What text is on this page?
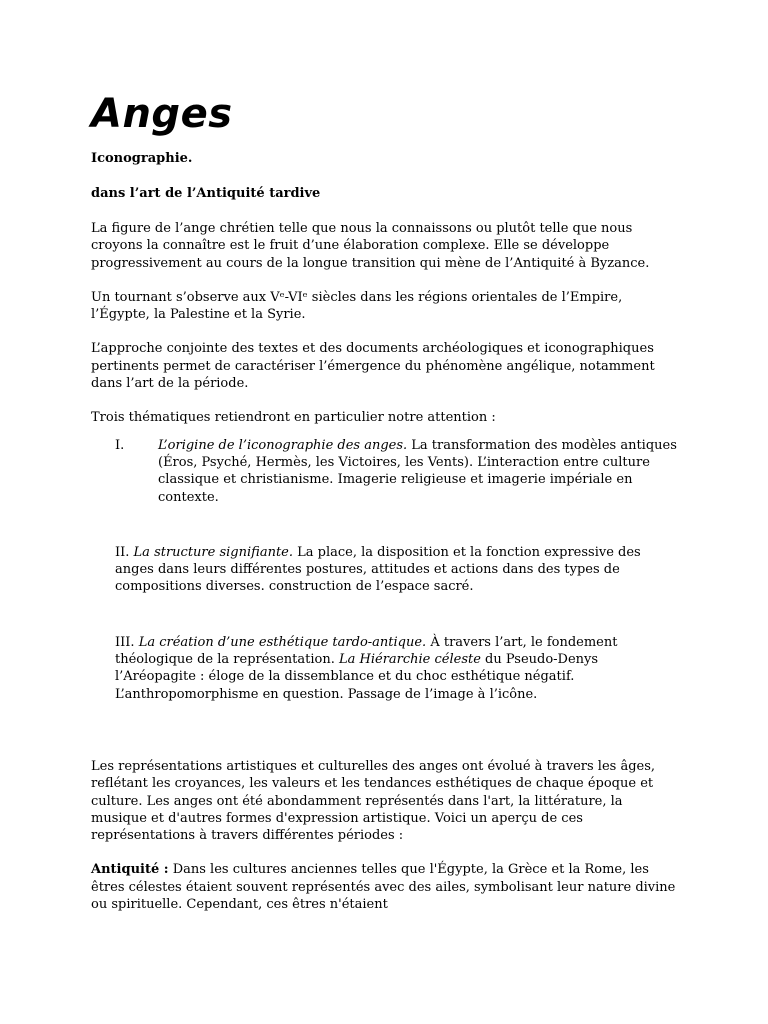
Anges
Iconographie.
dans l’art de l’Antiquité tardive

La figure de l’ange chrétien telle que nous la connaissons ou plutôt telle que nous croyons la connaître est le fruit d’une élaboration complexe. Elle se développe progressivement au cours de la longue transition qui mène de l’Antiquité à Byzance.

Un tournant s’observe aux Vᵉ-VIᵉ siècles dans les régions orientales de l’Empire, l’Égypte, la Palestine et la Syrie.

L’approche conjointe des textes et des documents archéologiques et iconographiques pertinents permet de caractériser l’émergence du phénomène angélique, notamment dans l’art de la période.

Trois thématiques retiendront en particulier notre attention :

I.	L’origine de l’iconographie des anges. La transformation des modèles antiques (Éros, Psyché, Hermès, les Victoires, les Vents). L’interaction entre culture classique et christianisme. Imagerie religieuse et imagerie impériale en contexte.

II. La structure signifiante. La place, la disposition et la fonction expressive des anges dans leurs différentes postures, attitudes et actions dans des types de compositions diverses. construction de l’espace sacré.

III. La création d’une esthétique tardo-antique. À travers l’art, le fondement théologique de la représentation. La Hiérarchie céleste du Pseudo-Denys l’Aréopagite : éloge de la dissemblance et du choc esthétique négatif. L’anthropomorphisme en question. Passage de l’image à l’icône.

Les représentations artistiques et culturelles des anges ont évolué à travers les âges, reflétant les croyances, les valeurs et les tendances esthétiques de chaque époque et culture. Les anges ont été abondamment représentés dans l'art, la littérature, la musique et d'autres formes d'expression artistique. Voici un aperçu de ces représentations à travers différentes périodes :

Antiquité : Dans les cultures anciennes telles que l'Égypte, la Grèce et la Rome, les êtres célestes étaient souvent représentés avec des ailes, symbolisant leur nature divine ou spirituelle. Cependant, ces êtres n'étaient
